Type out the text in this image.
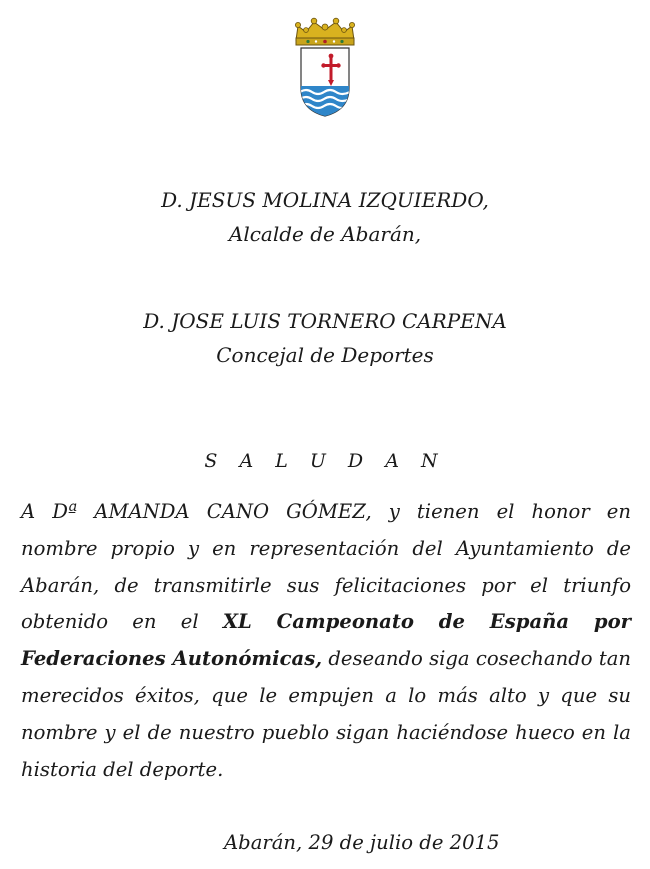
D. JESUS MOLINA IZQUIERDO,
Alcalde de Abarán,
D. JOSE LUIS TORNERO CARPENA
Concejal de Deportes
S A L U D A N

A Dª AMANDA CANO GÓMEZ, y tienen el honor en
nombre propio y en representación del Ayuntamiento de
Abarán, de transmitirle sus felicitaciones por el triunfo
obtenido en el XL Campeonato de España por
Federaciones Autonómicas, deseando siga cosechando tan
merecidos éxitos, que le empujen a lo más alto y que su
nombre y el de nuestro pueblo sigan haciéndose hueco en la
historia del deporte.

Abarán, 29 de julio de 2015
